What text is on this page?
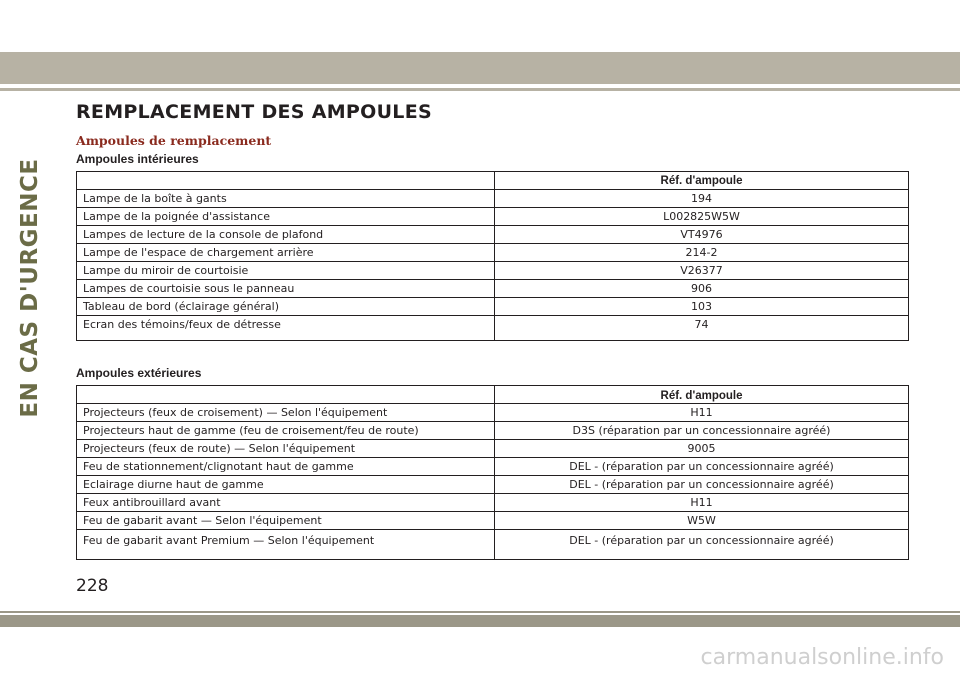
EN CAS D'URGENCE
REMPLACEMENT DES AMPOULES
Ampoules de remplacement
Ampoules intérieures
	Réf. d'ampoule
Lampe de la boîte à gants	194
Lampe de la poignée d'assistance	L002825W5W
Lampes de lecture de la console de plafond	VT4976
Lampe de l'espace de chargement arrière	214-2
Lampe du miroir de courtoisie	V26377
Lampes de courtoisie sous le panneau	906
Tableau de bord (éclairage général)	103
Ecran des témoins/feux de détresse	74
Ampoules extérieures
	Réf. d'ampoule
Projecteurs (feux de croisement) — Selon l'équipement	H11
Projecteurs haut de gamme (feu de croisement/feu de route)	D3S (réparation par un concessionnaire agréé)
Projecteurs (feux de route) — Selon l'équipement	9005
Feu de stationnement/clignotant haut de gamme	DEL - (réparation par un concessionnaire agréé)
Eclairage diurne haut de gamme	DEL - (réparation par un concessionnaire agréé)
Feux antibrouillard avant	H11
Feu de gabarit avant — Selon l'équipement	W5W
Feu de gabarit avant Premium — Selon l'équipement	DEL - (réparation par un concessionnaire agréé)
228
carmanualsonline.info
